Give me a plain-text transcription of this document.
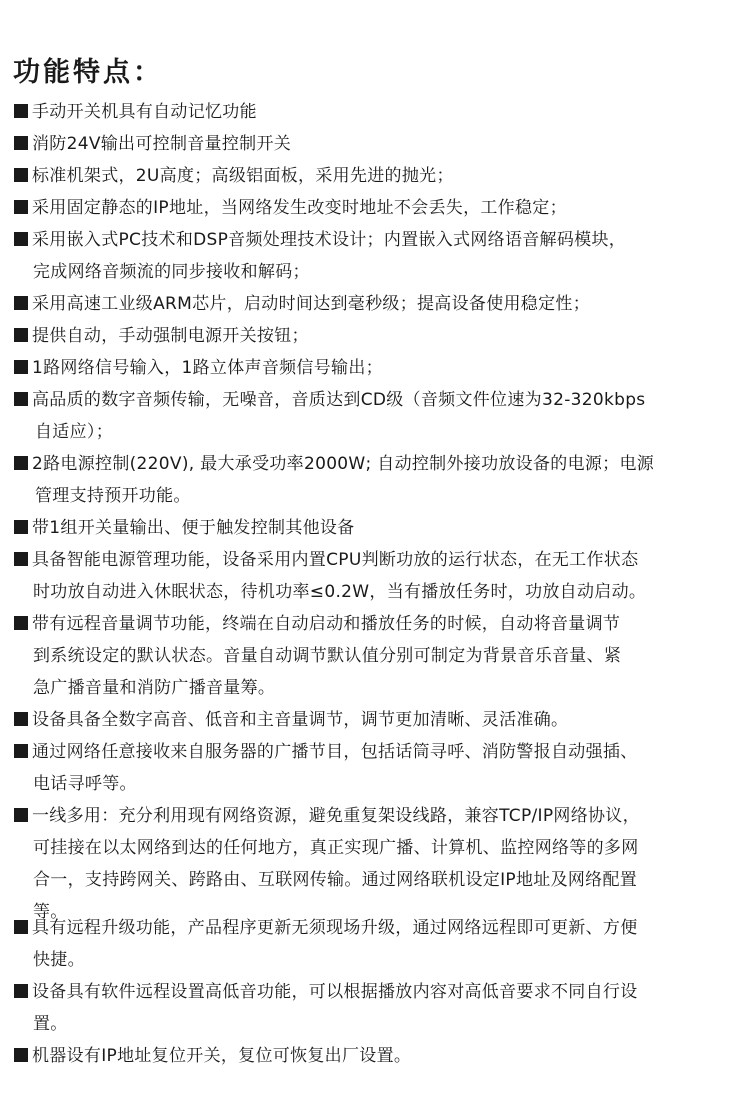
功能特点：
手动开关机具有自动记忆功能
消防24V输出可控制音量控制开关
标准机架式，2U高度；高级铝面板，采用先进的抛光；
采用固定静态的IP地址，当网络发生改变时地址不会丢失，工作稳定；
采用嵌入式PC技术和DSP音频处理技术设计；内置嵌入式网络语音解码模块，
完成网络音频流的同步接收和解码；
采用高速工业级ARM芯片，启动时间达到毫秒级；提高设备使用稳定性；
提供自动，手动强制电源开关按钮；
1路网络信号输入，1路立体声音频信号输出；
高品质的数字音频传输，无噪音，音质达到CD级（音频文件位速为32-320kbps
自适应）；
2路电源控制(220V), 最大承受功率2000W; 自动控制外接功放设备的电源；电源
管理支持预开功能。
带1组开关量输出、便于触发控制其他设备
具备智能电源管理功能，设备采用内置CPU判断功放的运行状态，在无工作状态
时功放自动进入休眠状态，待机功率≤0.2W，当有播放任务时，功放自动启动。
带有远程音量调节功能，终端在自动启动和播放任务的时候，自动将音量调节
到系统设定的默认状态。音量自动调节默认值分别可制定为背景音乐音量、紧
急广播音量和消防广播音量筹。
设备具备全数字高音、低音和主音量调节，调节更加清晰、灵活准确。
通过网络任意接收来自服务器的广播节目，包括话筒寻呼、消防警报自动强插、
电话寻呼等。
一线多用：充分利用现有网络资源，避免重复架设线路，兼容TCP/IP网络协议，
可挂接在以太网络到达的任何地方，真正实现广播、计算机、监控网络等的多网
合一，支持跨网关、跨路由、互联网传输。通过网络联机设定IP地址及网络配置
等。
具有远程升级功能，产品程序更新无须现场升级，通过网络远程即可更新、方便
快捷。
设备具有软件远程设置高低音功能，可以根据播放内容对高低音要求不同自行设
置。
机器设有IP地址复位开关，复位可恢复出厂设置。
